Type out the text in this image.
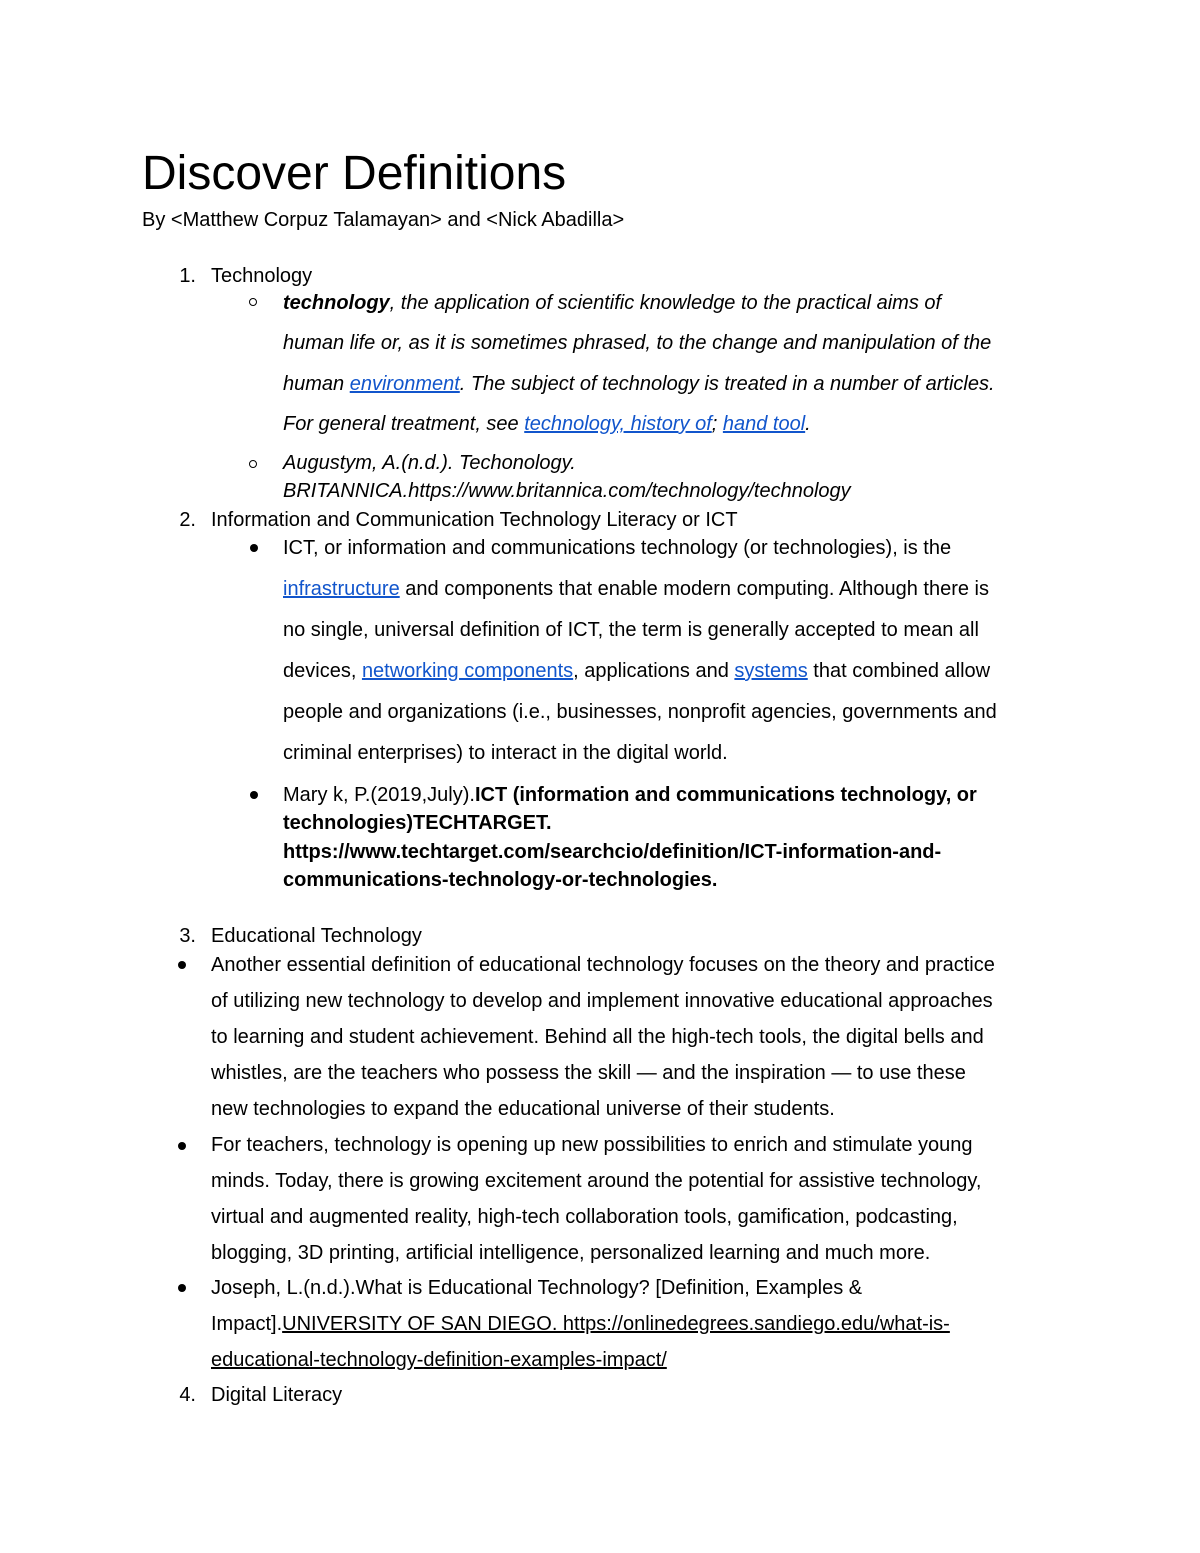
Discover Definitions
By <Matthew Corpuz Talamayan> and <Nick Abadilla>
1. Technology
technology, the application of scientific knowledge to the practical aims of
human life or, as it is sometimes phrased, to the change and manipulation of the
human environment. The subject of technology is treated in a number of articles.
For general treatment, see technology, history of; hand tool.
Augustym, A.(n.d.). Techonology.
BRITANNICA.https://www.britannica.com/technology/technology
2. Information and Communication Technology Literacy or ICT
ICT, or information and communications technology (or technologies), is the
infrastructure and components that enable modern computing. Although there is
no single, universal definition of ICT, the term is generally accepted to mean all
devices, networking components, applications and systems that combined allow
people and organizations (i.e., businesses, nonprofit agencies, governments and
criminal enterprises) to interact in the digital world.
Mary k, P.(2019,July).ICT (information and communications technology, or
technologies)TECHTARGET.
https://www.techtarget.com/searchcio/definition/ICT-information-and-
communications-technology-or-technologies.
3. Educational Technology
Another essential definition of educational technology focuses on the theory and practice
of utilizing new technology to develop and implement innovative educational approaches
to learning and student achievement. Behind all the high-tech tools, the digital bells and
whistles, are the teachers who possess the skill — and the inspiration — to use these
new technologies to expand the educational universe of their students.
For teachers, technology is opening up new possibilities to enrich and stimulate young
minds. Today, there is growing excitement around the potential for assistive technology,
virtual and augmented reality, high-tech collaboration tools, gamification, podcasting,
blogging, 3D printing, artificial intelligence, personalized learning and much more.
Joseph, L.(n.d.).What is Educational Technology? [Definition, Examples &
Impact].UNIVERSITY OF SAN DIEGO. https://onlinedegrees.sandiego.edu/what-is-
educational-technology-definition-examples-impact/
4. Digital Literacy
